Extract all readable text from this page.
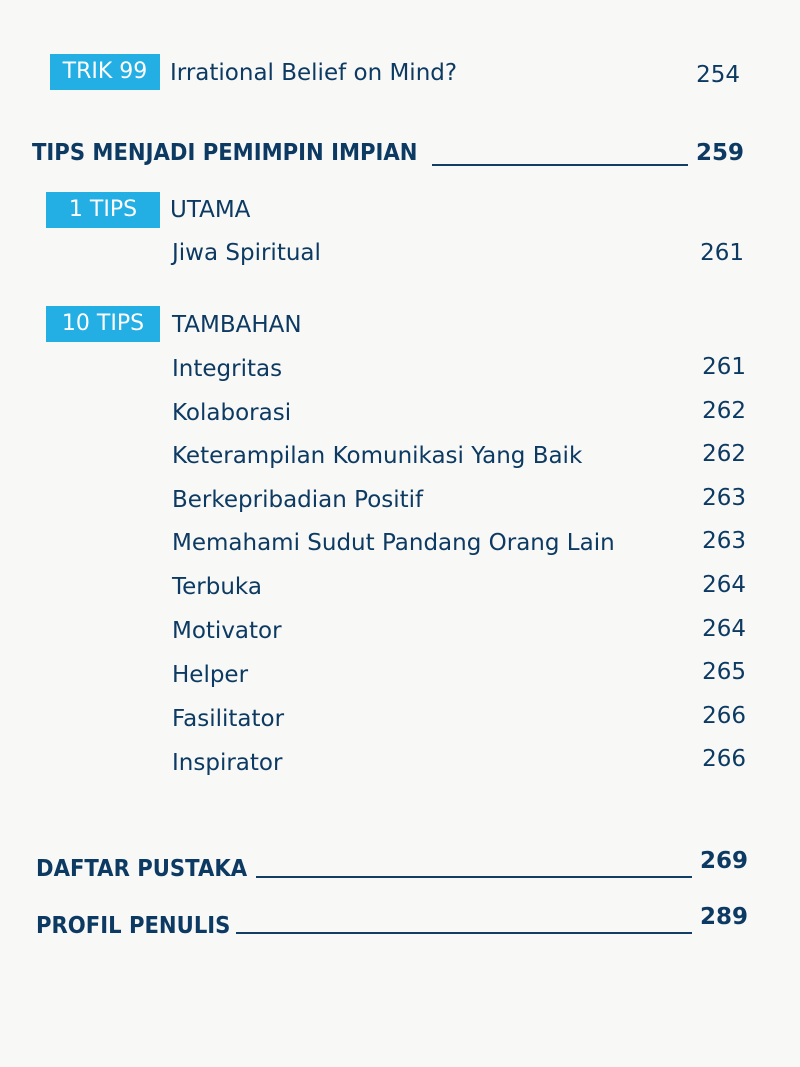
TRIK 99 Irrational Belief on Mind?	254
TIPS MENJADI PEMIMPIN IMPIAN	259
1 TIPS	UTAMA
Jiwa Spiritual	261
10 TIPS	TAMBAHAN
Integritas	261
Kolaborasi	262
Keterampilan Komunikasi Yang Baik	262
Berkepribadian Positif	263
Memahami Sudut Pandang Orang Lain	263
Terbuka	264
Motivator	264
Helper	265
Fasilitator	266
Inspirator	266
DAFTAR PUSTAKA	269
PROFIL PENULIS	289
